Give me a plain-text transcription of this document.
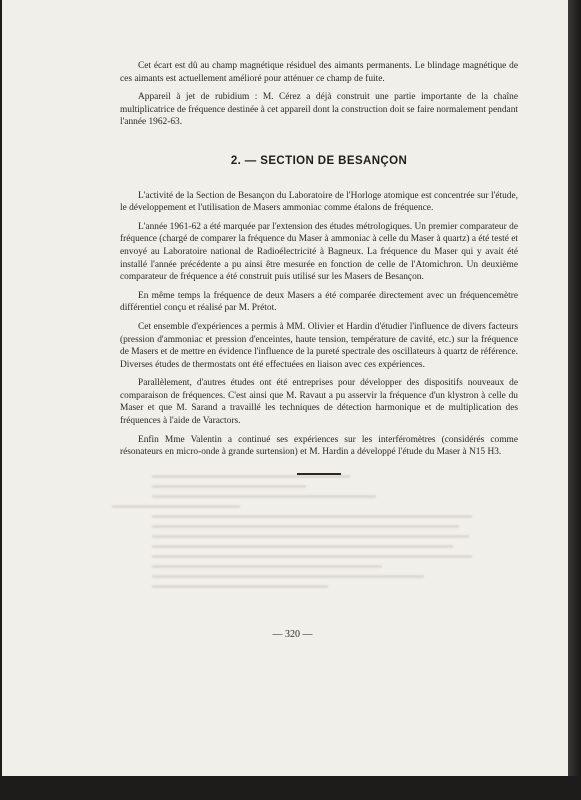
Cet écart est dû au champ magnétique résiduel des aimants permanents. Le blindage magnétique de ces aimants est actuellement amélioré pour atténuer ce champ de fuite.

Appareil à jet de rubidium : M. Cérez a déjà construit une partie importante de la chaîne multiplicatrice de fréquence destinée à cet appareil dont la construction doit se faire normalement pendant l'année 1962-63.

2. — SECTION DE BESANÇON

L'activité de la Section de Besançon du Laboratoire de l'Horloge atomique est concentrée sur l'étude, le développement et l'utilisation de Masers ammoniac comme étalons de fréquence.

L'année 1961-62 a été marquée par l'extension des études métrologiques. Un premier comparateur de fréquence (chargé de comparer la fréquence du Maser à ammoniac à celle du Maser à quartz) a été testé et envoyé au Laboratoire national de Radioélectricité à Bagneux. La fréquence du Maser qui y avait été installé l'année précédente a pu ainsi être mesurée en fonction de celle de l'Atomichron. Un deuxième comparateur de fréquence a été construit puis utilisé sur les Masers de Besançon.

En même temps la fréquence de deux Masers a été comparée directement avec un fréquencemètre différentiel conçu et réalisé par M. Prétot.

Cet ensemble d'expériences a permis à MM. Olivier et Hardin d'étudier l'influence de divers facteurs (pression d'ammoniac et pression d'enceintes, haute tension, température de cavité, etc.) sur la fréquence de Masers et de mettre en évidence l'influence de la pureté spectrale des oscillateurs à quartz de référence. Diverses études de thermostats ont été effectuées en liaison avec ces expériences.

Parallèlement, d'autres études ont été entreprises pour développer des dispositifs nouveaux de comparaison de fréquences. C'est ainsi que M. Ravaut a pu asservir la fréquence d'un klystron à celle du Maser et que M. Sarand a travaillé les techniques de détection harmonique et de multiplication des fréquences à l'aide de Varactors.

Enfin Mme Valentin a continué ses expériences sur les interféromètres (considérés comme résonateurs en micro-onde à grande surtension) et M. Hardin a développé l'étude du Maser à N15 H3.

— 320 —
